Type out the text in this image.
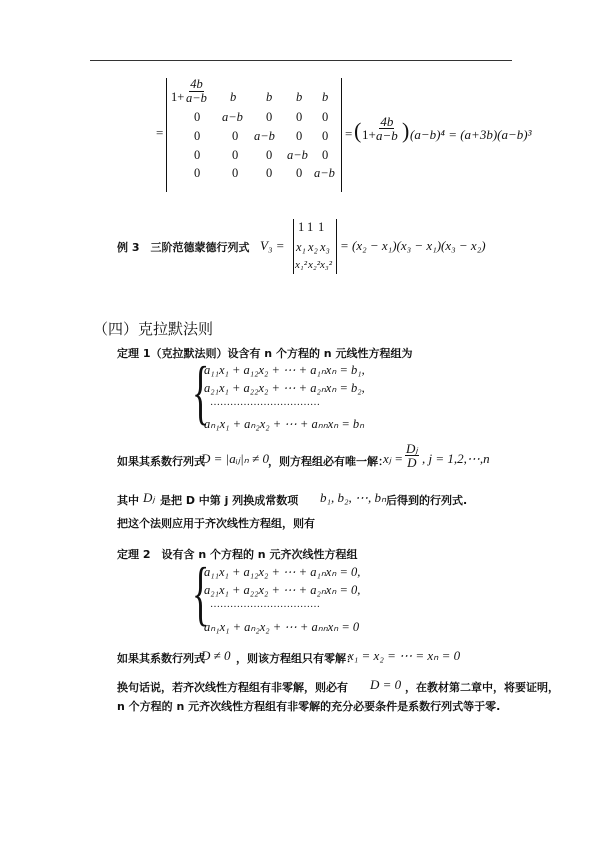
=
$1+ \frac{4b}{a-b}$ b b b b
0 a−b 0 0 0
0	0 a−b 0 0
0	0 0 a−b 0
0	0 0 0 a−b
= ( $1+ \frac{4b}{a-b}$ ) (a−b)⁴ = (a+3b)(a−b)³
例 3　三阶范德蒙德行列式 V₃ =
1 1 1
x₁ x₂ x₃
x₁² x₂² x₃²
= (x₂ − x₁)(x₃ − x₁)(x₃ − x₂)
（四）克拉默法则
定理 1（克拉默法则）设含有 n 个方程的 n 元线性方程组为
{
a₁₁x₁ + a₁₂x₂ + ⋯ + a₁ₙxₙ = b₁,
a₂₁x₁ + a₂₂x₂ + ⋯ + a₂ₙxₙ = b₂,
……………………………
aₙ₁x₁ + aₙ₂x₂ + ⋯ + aₙₙxₙ = bₙ
如果其系数行列式
D = |aᵢⱼ|ₙ ≠ 0 ，则方程组必有唯一解：
xⱼ = $\frac{\text{Dⱼ}}{D}$ , j = 1,2,⋯,n
其中 Dⱼ 是把 D 中第 j 列换成常数项 b₁, b₂, ⋯, bₙ 后得到的行列式.
把这个法则应用于齐次线性方程组，则有
定理 2　设有含 n 个方程的 n 元齐次线性方程组
{
a₁₁x₁ + a₁₂x₂ + ⋯ + a₁ₙxₙ = 0,
a₂₁x₁ + a₂₂x₂ + ⋯ + a₂ₙxₙ = 0,
……………………………
aₙ₁x₁ + aₙ₂x₂ + ⋯ + aₙₙxₙ = 0
如果其系数行列式
D ≠ 0 ，则该方程组只有零解：
x₁ = x₂ = ⋯ = xₙ = 0
换句话说，若齐次线性方程组有非零解，则必有 D = 0 ，在教材第二章中，将要证明，
n 个方程的 n 元齐次线性方程组有非零解的充分必要条件是系数行列式等于零.
